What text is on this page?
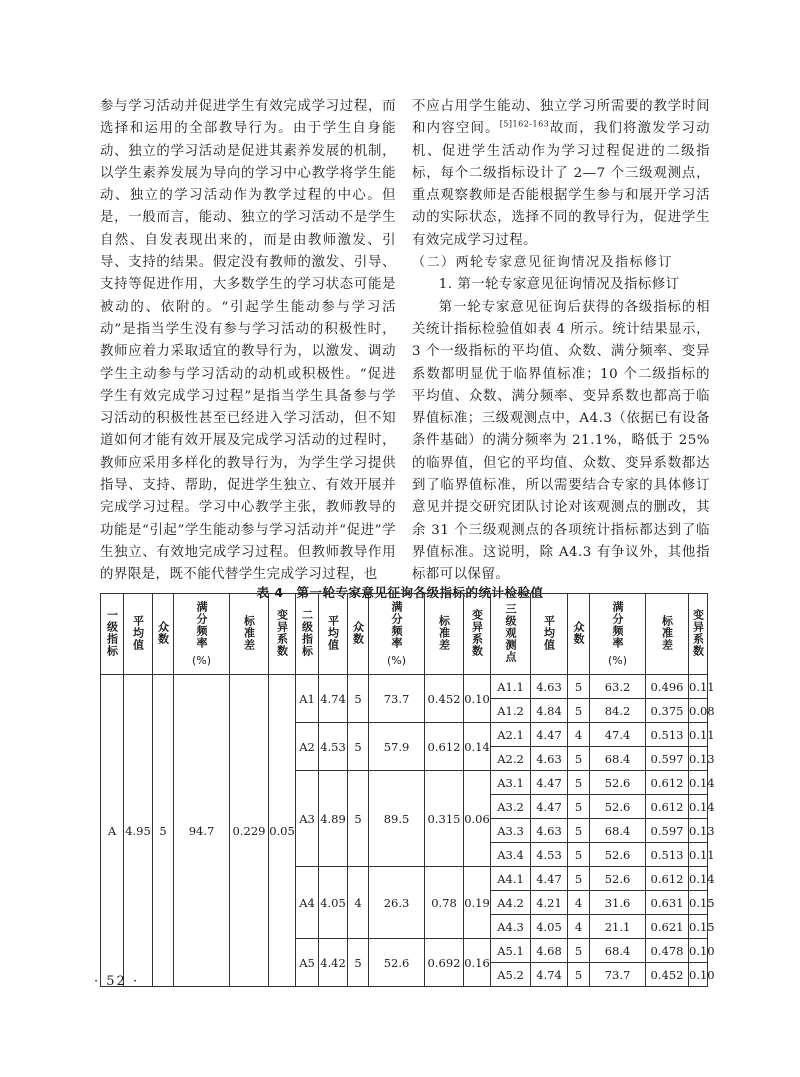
参与学习活动并促进学生有效完成学习过程，而选择和运用的全部教导行为。由于学生自身能动、独立的学习活动是促进其素养发展的机制，以学生素养发展为导向的学习中心教学将学生能动、独立的学习活动作为教学过程的中心。但是，一般而言，能动、独立的学习活动不是学生自然、自发表现出来的，而是由教师激发、引导、支持的结果。假定没有教师的激发、引导、支持等促进作用，大多数学生的学习状态可能是被动的、依附的。“引起学生能动参与学习活动”是指当学生没有参与学习活动的积极性时，教师应着力采取适宜的教导行为，以激发、调动学生主动参与学习活动的动机或积极性。“促进学生有效完成学习过程”是指当学生具备参与学习活动的积极性甚至已经进入学习活动，但不知道如何才能有效开展及完成学习活动的过程时，教师应采用多样化的教导行为，为学生学习提供指导、支持、帮助，促进学生独立、有效开展并完成学习过程。学习中心教学主张，教师教导的功能是“引起”学生能动参与学习活动并“促进”学生独立、有效地完成学习过程。但教师教导作用的界限是，既不能代替学生完成学习过程，也

不应占用学生能动、独立学习所需要的教学时间和内容空间。$^{[5]162-163}$故而，我们将激发学习动机、促进学生活动作为学习过程促进的二级指标，每个二级指标设计了 2—7 个三级观测点，重点观察教师是否能根据学生参与和展开学习活动的实际状态，选择不同的教导行为，促进学生有效完成学习过程。

（二）两轮专家意见征询情况及指标修订

1. 第一轮专家意见征询情况及指标修订

第一轮专家意见征询后获得的各级指标的相关统计指标检验值如表 4 所示。统计结果显示，3 个一级指标的平均值、众数、满分频率、变异系数都明显优于临界值标准；10 个二级指标的平均值、众数、满分频率、变异系数也都高于临界值标准；三级观测点中，A4.3（依据已有设备条件基础）的满分频率为 21.1%，略低于 25%的临界值，但它的平均值、众数、变异系数都达到了临界值标准，所以需要结合专家的具体修订意见并提交研究团队讨论对该观测点的删改，其余 31 个三级观测点的各项统计指标都达到了临界值标准。这说明，除 A4.3 有争议外，其他指标都可以保留。

表 4　第一轮专家意见征询各级指标的统计检验值
一级指标	平均值	众数	满分频率
(%)	标准差	变异系数	二级指标	平均值	众数	满分频率
(%)	标准差	变异系数	三级观测点	平均值	众数	满分频率
(%)	标准差	变异系数
A	4.95	5	94.7	0.229	0.05	A1	4.74	5	73.7	0.452	0.10	A1.1	4.63	5	63.2	0.496	0.11
												A1.2	4.84	5	84.2	0.375	0.08
						A2	4.53	5	57.9	0.612	0.14	A2.1	4.47	4	47.4	0.513	0.11
												A2.2	4.63	5	68.4	0.597	0.13
						A3	4.89	5	89.5	0.315	0.06	A3.1	4.47	5	52.6	0.612	0.14
												A3.2	4.47	5	52.6	0.612	0.14
												A3.3	4.63	5	68.4	0.597	0.13
												A3.4	4.53	5	52.6	0.513	0.11
						A4	4.05	4	26.3	0.78	0.19	A4.1	4.47	5	52.6	0.612	0.14
												A4.2	4.21	4	31.6	0.631	0.15
												A4.3	4.05	4	21.1	0.621	0.15
						A5	4.42	5	52.6	0.692	0.16	A5.1	4.68	5	68.4	0.478	0.10
												A5.2	4.74	5	73.7	0.452	0.10
· 52 ·
